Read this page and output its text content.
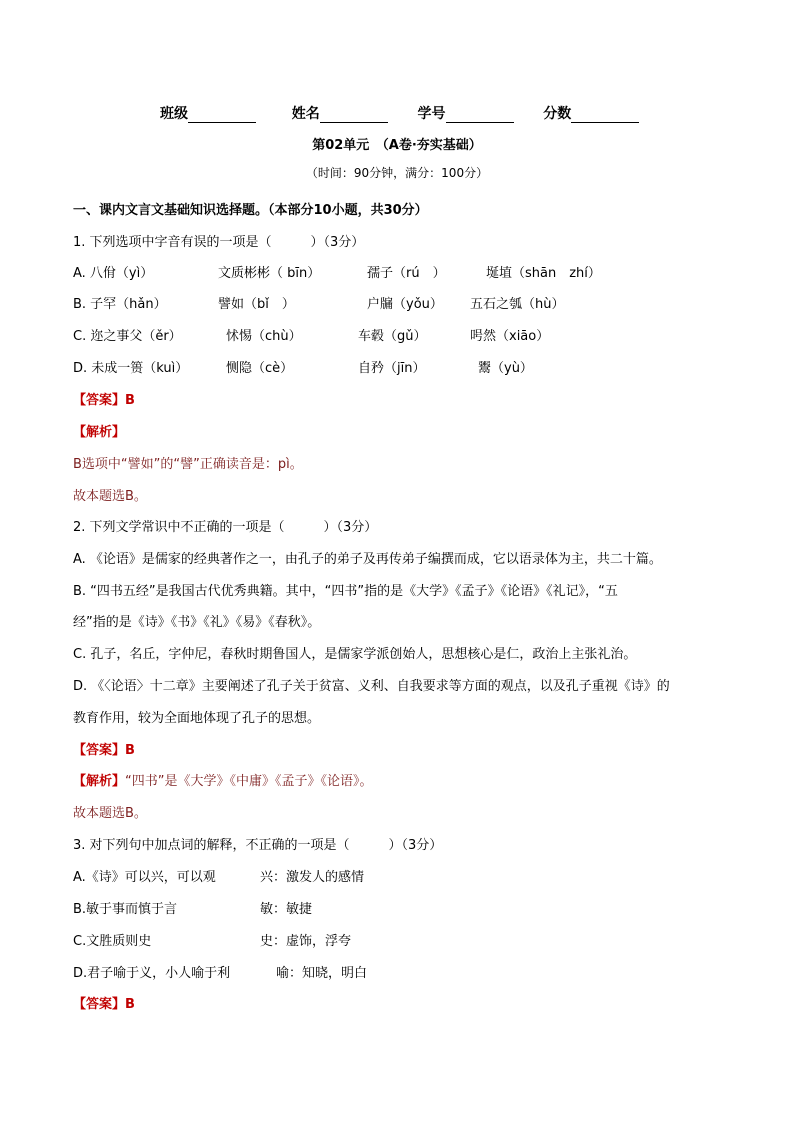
班级	姓名	学号	分数
第02单元　（A卷·夯实基础）
（时间：90分钟，满分：100分）
一、课内文言文基础知识选择题。（本部分10小题，共30分）
1. 下列选项中字音有误的一项是（　　　）（3分）
A. 八佾（yì）	文质彬彬（ bīn）	孺子（rú　）	埏埴（shān　zhí）
B. 子罕（hǎn）	譬如（bǐ　）	户牖（yǒu） 五石之瓠（hù）
C. 迩之事父（ěr）	怵惕（chù）	车毂（gǔ）	呺然（xiāo）
D. 未成一篑（kuì）	恻隐（cè）	自矜（jīn）	鬻（yù）
【答案】B
【解析】
B选项中“譬如”的“譬”正确读音是：pì。
故本题选B。
2. 下列文学常识中不正确的一项是（　　　）（3分）
A. 《论语》是儒家的经典著作之一，由孔子的弟子及再传弟子编撰而成，它以语录体为主，共二十篇。
B. “四书五经”是我国古代优秀典籍。其中，“四书”指的是《大学》《孟子》《论语》《礼记》，“五
经”指的是《诗》《书》《礼》《易》《春秋》。
C. 孔子，名丘，字仲尼，春秋时期鲁国人，是儒家学派创始人，思想核心是仁，政治上主张礼治。
D. 《〈论语〉十二章》主要阐述了孔子关于贫富、义利、自我要求等方面的观点，以及孔子重视《诗》的
教育作用，较为全面地体现了孔子的思想。
【答案】B
【解析】“四书”是《大学》《中庸》《孟子》《论语》。
故本题选B。
3. 对下列句中加点词的解释，不正确的一项是（　　　）（3分）
A.《诗》可以兴，可以观	兴：激发人的感情
B.敏于事而慎于言	敏：敏捷
C.文胜质则史	史：虚饰，浮夸
D.君子喻于义，小人喻于利	喻：知晓，明白
【答案】B
